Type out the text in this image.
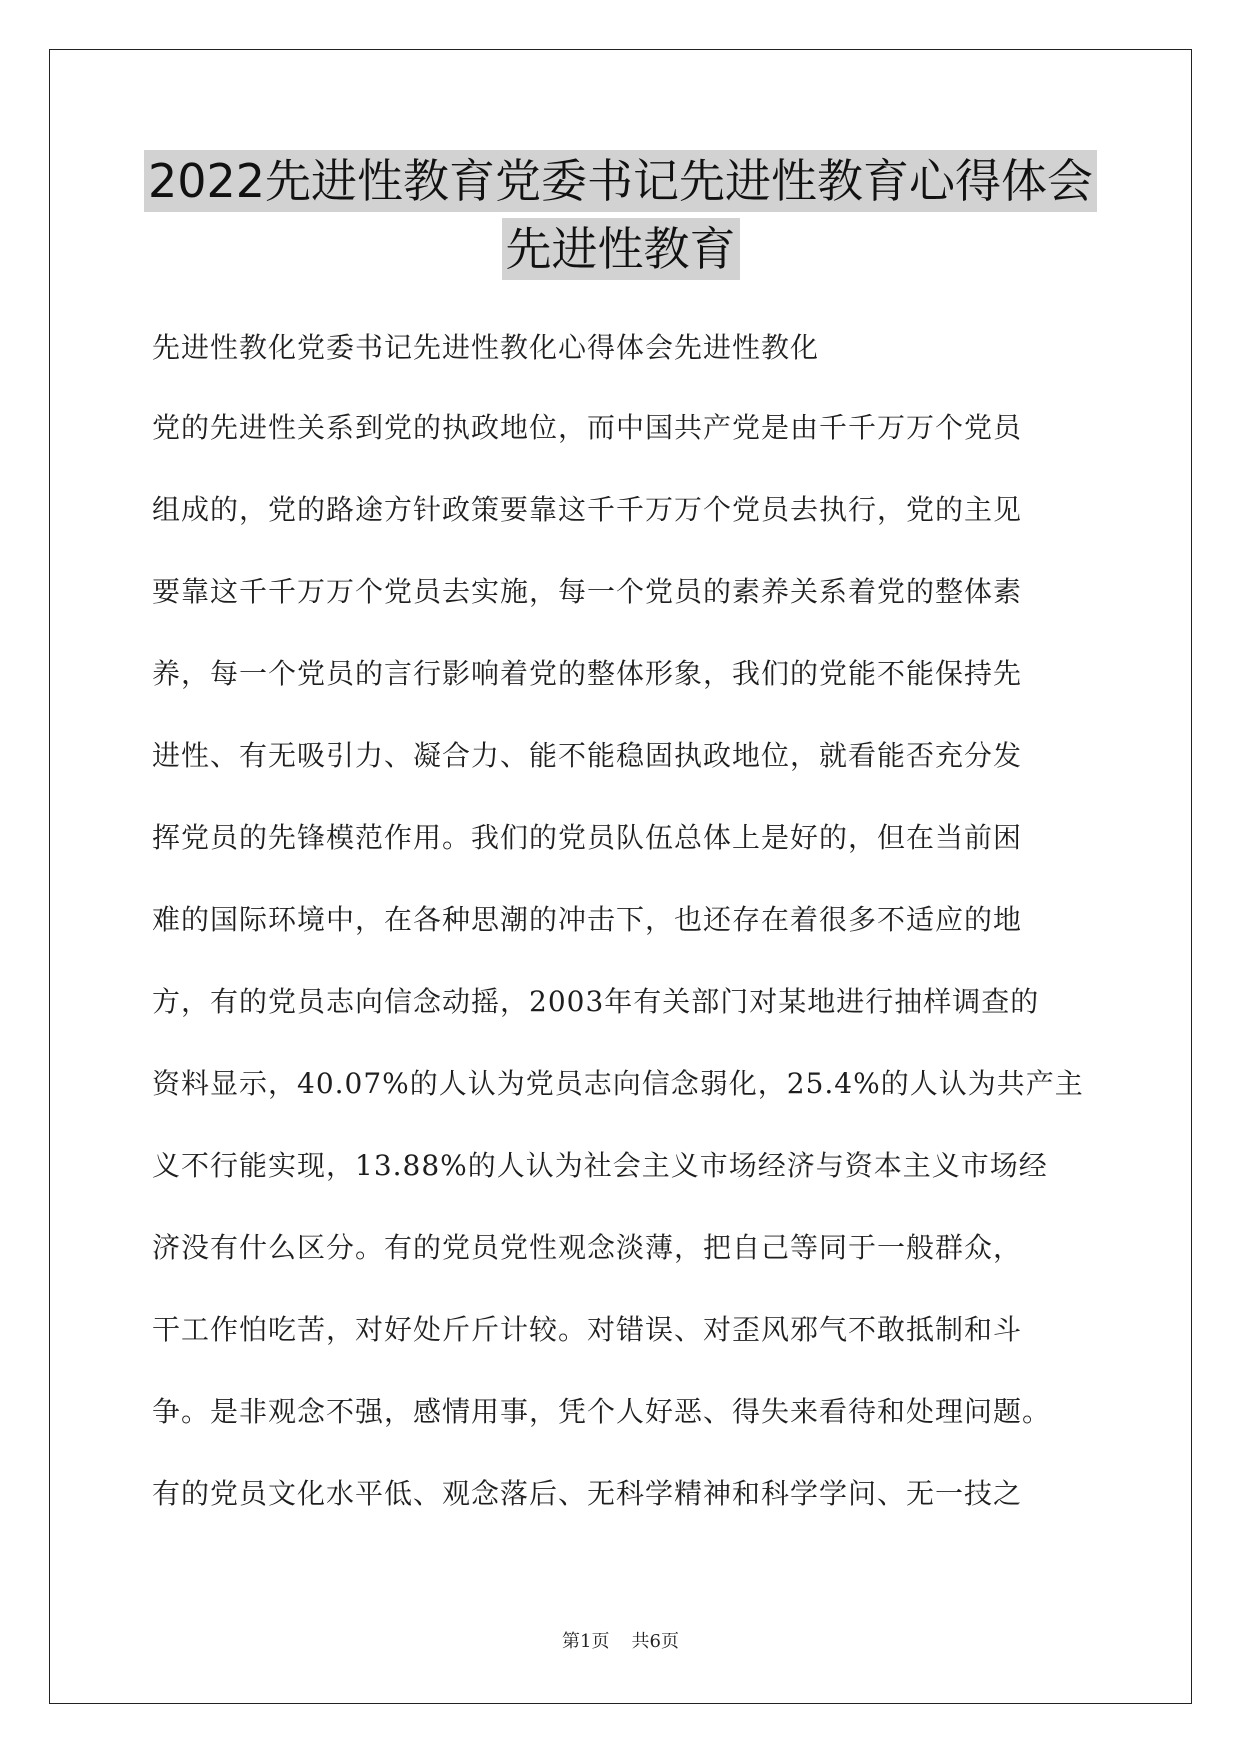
2022先进性教育党委书记先进性教育心得体会
先进性教育
先进性教化党委书记先进性教化心得体会先进性教化
党的先进性关系到党的执政地位，而中国共产党是由千千万万个党员
组成的，党的路途方针政策要靠这千千万万个党员去执行，党的主见
要靠这千千万万个党员去实施，每一个党员的素养关系着党的整体素
养，每一个党员的言行影响着党的整体形象，我们的党能不能保持先
进性、有无吸引力、凝合力、能不能稳固执政地位，就看能否充分发
挥党员的先锋模范作用。我们的党员队伍总体上是好的，但在当前困
难的国际环境中，在各种思潮的冲击下，也还存在着很多不适应的地
方，有的党员志向信念动摇，2003年有关部门对某地进行抽样调查的
资料显示，40.07%的人认为党员志向信念弱化，25.4%的人认为共产主
义不行能实现，13.88%的人认为社会主义市场经济与资本主义市场经
济没有什么区分。有的党员党性观念淡薄，把自己等同于一般群众，
干工作怕吃苦，对好处斤斤计较。对错误、对歪风邪气不敢抵制和斗
争。是非观念不强，感情用事，凭个人好恶、得失来看待和处理问题。
有的党员文化水平低、观念落后、无科学精神和科学学问、无一技之
第1页 共6页
